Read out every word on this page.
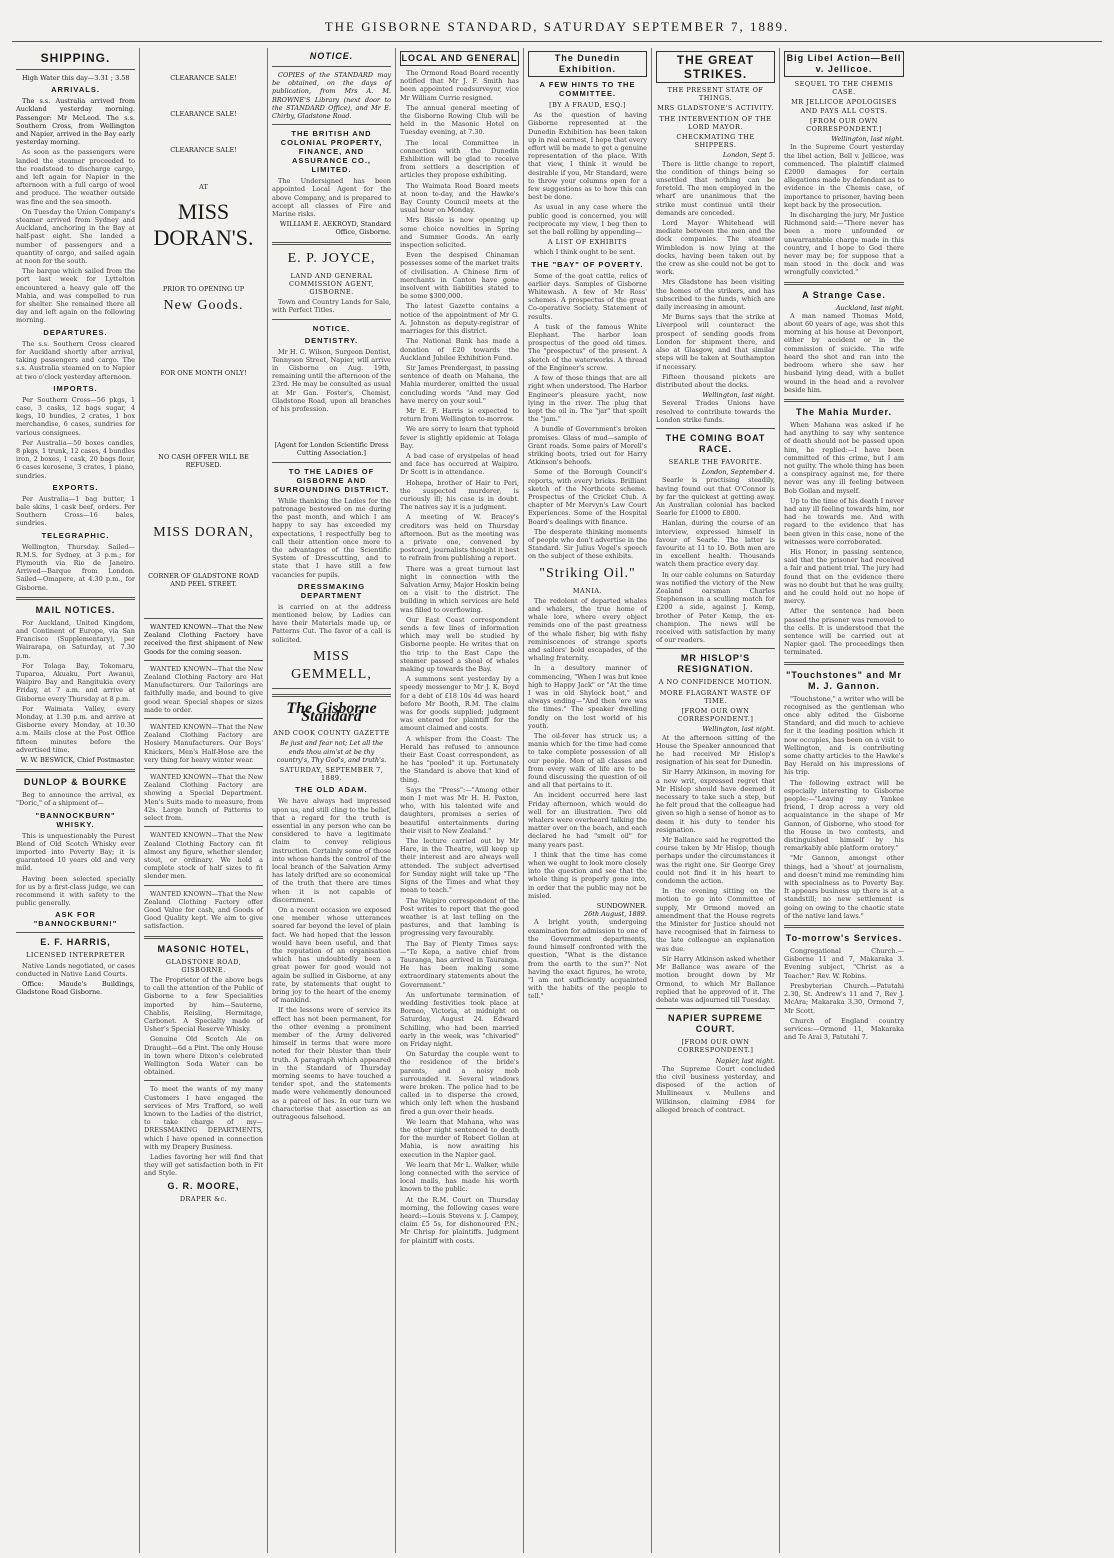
THE GISBORNE STANDARD, SATURDAY SEPTEMBER 7, 1889.
SHIPPING.

High Water this day—3.31 ; 3.58

ARRIVALS.

The s.s. Australia arrived from Auckland yesterday morning. Passenger: Mr McLeod. The s.s. Southern Cross, from Wellington and Napier, arrived in the Bay early yesterday morning.

As soon as the passengers were landed the steamer proceeded to the roadstead to discharge cargo, and left again for Napier in the afternoon with a full cargo of wool and produce. The weather outside was fine and the sea smooth.

On Tuesday the Union Company's steamer arrived from Sydney and Auckland, anchoring in the Bay at half-past eight. She landed a number of passengers and a quantity of cargo, and sailed again at noon for the south.

The barque which sailed from the port last week for Lyttelton encountered a heavy gale off the Mahia, and was compelled to run for shelter. She remained there all day and left again on the following morning.

DEPARTURES.

The s.s. Southern Cross cleared for Auckland shortly after arrival, taking passengers and cargo. The s.s. Australia steamed on to Napier at two o'clock yesterday afternoon.

IMPORTS.

Per Southern Cross—56 pkgs, 1 case, 3 casks, 12 bags sugar, 4 kegs, 10 bundles, 2 crates, 1 box merchandise, 6 cases, sundries for various consignees.

Per Australia—50 boxes candles, 8 pkgs, 1 trunk, 12 cases, 4 bundles iron, 2 boxes, 1 cask, 20 bags flour, 6 cases kerosene, 3 crates, 1 piano, sundries.

EXPORTS.

Per Australia—1 bag butter, 1 bale skins, 1 cask beef, orders. Per Southern Cross—16 bales, sundries.

TELEGRAPHIC.

Wellington, Thursday. Sailed—R.M.S. for Sydney, at 3 p.m.; for Plymouth via Rio de Janeiro. Arrived—Barque from London. Sailed—Omapere, at 4.30 p.m., for Gisborne.

MAIL NOTICES.

For Auckland, United Kingdom, and Continent of Europe, via San Francisco (Supplementary), per Wairarapa, on Saturday, at 7.30 p.m.

For Tolaga Bay, Tokomaru, Tuparoa, Akuaku, Port Awanui, Waipiro Bay and Rangitukia every Friday, at 7 a.m. and arrive at Gisborne every Thursday at 8 p.m.

For Waimata Valley, every Monday, at 1.30 p.m. and arrive at Gisborne every Monday, at 10.30 a.m. Mails close at the Post Office fifteen minutes before the advertised time.

W. W. BESWICK, Chief Postmaster.
DUNLOP & BOURKE

Beg to announce the arrival, ex "Doric," of a shipment of—

"BANNOCKBURN" WHISKY.

This is unquestionably the Purest Blend of Old Scotch Whisky ever imported into Poverty Bay; it is guaranteed 10 years old and very mild.

Having been selected specially for us by a first-class judge, we can recommend it with safety to the public generally.

ASK FOR "BANNOCKBURN!"
E. F. HARRIS,
LICENSED INTERPRETER

Native Lands negotiated, or cases conducted in Native Land Courts.

Office: Maude's Buildings, Gladstone Road Gisborne.

CLEARANCE SALE!
CLEARANCE SALE!
CLEARANCE SALE!
AT
MISS DORAN'S.
PRIOR TO OPENING UP
New Goods.
FOR ONE MONTH ONLY!
NO CASH OFFER WILL BE REFUSED.
MISS DORAN,
CORNER OF GLADSTONE ROAD AND PEEL STREET.

WANTED KNOWN—That the New Zealand Clothing Factory have received the first shipment of New Goods for the coming season.

WANTED KNOWN—That the New Zealand Clothing Factory are Hat Manufacturers. Our Tailorings are faithfully made, and bound to give good wear. Special shapes or sizes made to order.

WANTED KNOWN—That the New Zealand Clothing Factory are Hosiery Manufacturers. Our Boys' Knickers, Men's Half-Hose are the very thing for heavy winter wear.

WANTED KNOWN—That the New Zealand Clothing Factory are showing a Special Department. Men's Suits made to measure, from 42s. Large bunch of Patterns to select from.

WANTED KNOWN—That the New Zealand Clothing Factory can fit almost any figure, whether slender, stout, or ordinary. We hold a complete stock of half sizes to fit slender men.

WANTED KNOWN—That the New Zealand Clothing Factory offer Good Value for cash, and Goods of Good Quality kept. We aim to give satisfaction.

MASONIC HOTEL,
GLADSTONE ROAD, GISBORNE.

The Proprietor of the above begs to call the attention of the Public of Gisborne to a few Specialities imported by him—Sauterne, Chablis, Reisling, Hermitage, Carbonet. A Specialty made of Usher's Special Reserve Whisky.

Genuine Old Scotch Ale on Draught—6d a Pint. The only House in town where Dixon's celebrated Wellington Soda Water can be obtained.

To meet the wants of my many Customers I have engaged the services of Mrs Trafford, so well known to the Ladies of the district, to take charge of my— DRESSMAKING DEPARTMENTS, which I have opened in connection with my Drapery Business.

Ladies favoring her will find that they will get satisfaction both in Fit and Style.

G. R. MOORE,
DRAPER &c.
NOTICE.

COPIES of the STANDARD may be obtained, on the days of publication, from Mrs A. M. BROWNE'S Library (next door to the STANDARD Office), and Mr E. Chirby, Gladstone Road.

THE BRITISH AND COLONIAL PROPERTY, FINANCE, AND ASSURANCE CO., LIMITED.

The Undersigned has been appointed Local Agent for the above Company, and is prepared to accept all classes of Fire and Marine risks.

WILLIAM E. AEKROYD, Standard Office, Gisborne.
E. P. JOYCE,
LAND AND GENERAL COMMISSION AGENT, GISBORNE.

Town and Country Lands for Sale, with Perfect Titles.

NOTICE.
DENTISTRY.

Mr H. C. Wilson, Surgeon Dentist, Tennyson Street, Napier, will arrive in Gisborne on Aug. 19th, remaining until the afternoon of the 23rd. He may be consulted as usual at Mr Gan. Foster's, Chemist, Gladstone Road, upon all branches of his profession.

[Agent for London Scientific Dress Cutting Association.]
TO THE LADIES OF GISBORNE AND SURROUNDING DISTRICT.

While thanking the Ladies for the patronage bestowed on me during the past month, and which I am happy to say has exceeded my expectations, I respectfully beg to call their attention once more to the advantages of the Scientific System of Dresscutting, and to state that I have still a few vacancies for pupils.

DRESSMAKING DEPARTMENT

is carried on at the address mentioned below, by Ladies can have their Materials made up, or Patterns Cut. The favor of a call is solicited.

MISS GEMMELL,
The Gisborne Standard
AND COOK COUNTY GAZETTE
Be just and fear not; Let all the ends thou aim'st at be thy country's, Thy God's, and truth's.
SATURDAY, SEPTEMBER 7, 1889.
THE OLD ADAM.

We have always had impressed upon us, and still cling to the belief, that a regard for the truth is essential in any person who can be considered to have a legitimate claim to convey religious instruction. Certainly some of those into whose hands the control of the local branch of the Salvation Army has lately drifted are so economical of the truth that there are times when it is not capable of discernment.

On a recent occasion we exposed one member whose utterances soared far beyond the level of plain fact. We had hoped that the lesson would have been useful, and that the reputation of an organisation which has undoubtedly been a great power for good would not again be sullied in Gisborne, at any rate, by statements that ought to bring joy to the heart of the enemy of mankind.

If the lessons were of service its effect has not been permanent, for the other evening a prominent member of the Army delivered himself in terms that were more noted for their bluster than their truth. A paragraph which appeared in the Standard of Thursday morning seems to have touched a tender spot, and the statements made were vehemently denounced as a parcel of lies. In our turn we characterise that assertion as an outrageous falsehood.

LOCAL AND GENERAL

The Ormond Road Board recently notified that Mr J. F. Smith has been appointed roadsurveyor, vice Mr William Currie resigned.

The annual general meeting of the Gisborne Rowing Club will be held in the Masonic Hotel on Tuesday evening, at 7.30.

The local Committee in connection with the Dunedin Exhibition will be glad to receive from settlers a description of articles they propose exhibiting.

The Waimata Road Board meets at noon to-day, and the Hawke's Bay County Council meets at the usual hour on Monday.

Mrs Bissle is now opening up some choice novelties in Spring and Summer Goods. An early inspection solicited.

Even the despised Chinaman possesses some of the market traits of civilisation. A Chinese firm of merchants in Canton have gone insolvent with liabilities stated to be some $300,000.

The latest Gazette contains a notice of the appointment of Mr G. A. Johnston as deputy-registrar of marriages for this district.

The National Bank has made a donation of £20 towards the Auckland Jubilee Exhibition Fund.

Sir James Prendergast, in passing sentence of death on Mahana, the Mahia murderer, omitted the usual concluding words "And may God have mercy on your soul."

Mr E. F. Harris is expected to return from Wellington to-morrow.

We are sorry to learn that typhoid fever is slightly epidemic at Tolaga Bay.

A bad case of erysipelas of head and face has occurred at Waipiro. Dr Scott is in attendance.

Hohepa, brother of Hair to Peri, the suspected murderer, is curiously ill; his case is in doubt. The natives say it is a judgment.

A meeting of W. Bracey's creditors was held on Thursday afternoon. But as the meeting was a private one, convened by postcard, journalists thought it best to refrain from publishing a report.

There was a great turnout last night in connection with the Salvation Army, Major Hoskin being on a visit to the district. The building in which services are held was filled to overflowing.

Our East Coast correspondent sends a few lines of information which may well be studied by Gisborne people. He writes that on the trip to the East Cape the steamer passed a shoal of whales making up towards the Bay.

A summons sent yesterday by a speedy messenger to Mr J. K. Boyd for a debt of £18 10s 4d was heard before Mr Booth, R.M. The claim was for goods supplied; judgment was entered for plaintiff for the amount claimed and costs.

A whisper from the Coast: The Herald has refused to announce their East Coast correspondent, as he has "pooled" it up. Fortunately the Standard is above that kind of thing.

Says the "Press":—"Among other men I met was Mr H. H. Paxton, who, with his talented wife and daughters, promises a series of beautiful entertainments during their visit to New Zealand."

The lecture carried out by Mr Hare, in the Theatre, will keep up their interest and are always well attended. The subject advertised for Sunday night will take up "The Signs of the Times and what they mean to teach."

The Waipiro correspondent of the Post writes to report that the good weather is at last telling on the pastures, and that lambing is progressing very favourably.

The Bay of Plenty Times says:—"Te Kepa, a native chief from Tauranga, has arrived in Tauranga. He has been making some extraordinary statements about the Government."

An unfortunate termination of wedding festivities took place at Borneo, Victoria, at midnight on Saturday, August 24. Edward Schilling, who had been married early in the week, was "chivaried" on Friday night.

On Saturday the couple went to the residence of the bride's parents, and a noisy mob surrounded it. Several windows were broken. The police had to be called in to disperse the crowd, which only left when the husband fired a gun over their heads.

We learn that Mahana, who was the other night sentenced to death for the murder of Robert Gollan at Mahia, is now awaiting his execution in the Napier gaol.

We learn that Mr L. Walker, while long connected with the service of local mails, has made his worth known to the public.

At the R.M. Court on Thursday morning, the following cases were heard:—Louis Stevens v. J. Campey, claim £5 5s, for dishonoured P.N.; Mr Chrisp for plaintiffs. Judgment for plaintiff with costs.

The Dunedin Exhibition.
A FEW HINTS TO THE COMMITTEE.
[BY A FRAUD, ESQ.]

As the question of having Gisborne represented at the Dunedin Exhibition has been taken up in real earnest, I hope that every effort will be made to get a genuine representation of the place. With that view, I think it would be desirable if you, Mr Standard, were to throw your columns open for a few suggestions as to how this can best be done.

As usual in any case where the public good is concerned, you will reciprocate my view, I beg then to set the ball rolling by appending—

A LIST OF EXHIBITS

which I think ought to be sent.

THE "BAY" OF POVERTY.

Some of the goat cattle, relics of earlier days. Samples of Gisborne Whitewash. A few of Mr Ross' schemes. A prospectus of the great Co-operative Society. Statement of results.

A tusk of the famous White Elephant. The harbor loan prospectus of the good old times. The "prospectus" of the present. A sketch of the waterworks. A thread of the Engineer's screw.

A few of those things that are all right when understood. The Harbor Engineer's pleasure yacht, now lying in the river. The plug that kept the oil in. The "jar" that spoilt the "jam."

A bundle of Government's broken promises. Glass of mud—sample of Grant roads. Some pairs of Morell's striking boots, tried out for Harry Atkinson's behoofs.

Some of the Borough Council's reports, with every bricks. Brilliant sketch of the Northcote scheme. Prospectus of the Cricket Club. A chapter of Mr Mervyn's Law Court Experiences. Some of the Hospital Board's dealings with finance.

The desperate thinking moments of people who don't advertise in the Standard. Sir Julius Vogel's speech on the subject of these exhibits.

"Striking Oil."
MANIA.

The redolent of departed whales and whalers, the true home of whale lore, where every object reminds one of the past greatness of the whale fisher, big with fishy reminiscences of strange sports and sailors' bold escapades, of the whaling fraternity.

In a desultory manner of commencing, "When I was but knee high to Happy Jack" or "At the time I was in old Shylock boat," and always ending—"And then 'ere was the times." The speaker dwelling fondly on the lost world of his youth.

The oil-fever has struck us; a mania which for the time had come to take complete possession of all our people. Men of all classes and from every walk of life are to be found discussing the question of oil and all that pertains to it.

An incident occurred here last Friday afternoon, which would do well for an illustration. Two old whalers were overheard talking the matter over on the beach, and each declared he had "smelt oil" for many years past.

I think that the time has come when we ought to look more closely into the question and see that the whole thing is properly gone into, in order that the public may not be misled.

SUNDOWNER.
26th August, 1889.

A bright youth, undergoing examination for admission to one of the Government departments, found himself confronted with the question, "What is the distance from the earth to the sun?" Not having the exact figures, he wrote, "I am not sufficiently acquainted with the habits of the people to tell."

THE GREAT STRIKES.
THE PRESENT STATE OF THINGS.
MRS GLADSTONE'S ACTIVITY.
THE INTERVENTION OF THE LORD MAYOR.
CHECKMATING THE SHIPPERS.
London, Sept 5.

There is little change to report, the condition of things being so unsettled that nothing can be foretold. The men employed in the wharf are unanimous that the strike must continue until their demands are conceded.

Lord Mayor Whitehead will mediate between the men and the dock companies. The steamer Wimbledon is now lying at the docks, having been taken out by the crew as she could not be got to work.

Mrs Gladstone has been visiting the homes of the strikers, and has subscribed to the funds, which are daily increasing in amount.

Mr Burns says that the strike at Liverpool will counteract the prospect of sending goods from London for shipment there, and also at Glasgow, and that similar steps will be taken at Southampton if necessary.

Fifteen thousand pickets are distributed about the docks.

Wellington, last night.

Several Trades Unions have resolved to contribute towards the London strike funds.

THE COMING BOAT RACE.
SEARLE THE FAVORITE.
London, September 4.

Searle is practising steadily, having found out that O'Connor is by far the quickest at getting away. An Australian colonial has backed Searle for £1000 to £800.

Hanlan, during the course of an interview, expressed himself in favour of Searle. The latter is favourite at 11 to 10. Both men are in excellent health. Thousands watch them practice every day.

In our cable columns on Saturday was notified the victory of the New Zealand oarsman Charles Stephenson in a sculling match for £200 a side, against J. Kemp, brother of Peter Kemp, the ex-champion. The news will be received with satisfaction by many of our readers.

MR HISLOP'S RESIGNATION.
A NO CONFIDENCE MOTION.
MORE FLAGRANT WASTE OF TIME.
[FROM OUR OWN CORRESPONDENT.]
Wellington, last night.

At the afternoon sitting of the House the Speaker announced that he had received Mr Hislop's resignation of his seat for Dunedin.

Sir Harry Atkinson, in moving for a new writ, expressed regret that Mr Hislop should have deemed it necessary to take such a step, but he felt proud that the colleague had given so high a sense of honor as to deem it his duty to tender his resignation.

Mr Ballance said he regretted the course taken by Mr Hislop, though perhaps under the circumstances it was the right one. Sir George Grey could not find it in his heart to condemn the action.

In the evening sitting on the motion to go into Committee of supply, Mr Ormond moved an amendment that the House regrets the Minister for Justice should not have recognised that in fairness to the late colleague an explanation was due.

Sir Harry Atkinson asked whether Mr Ballance was aware of the motion brought down by Mr Ormond, to which Mr Ballance replied that he approved of it. The debate was adjourned till Tuesday.

NAPIER SUPREME COURT.
[FROM OUR OWN CORRESPONDENT.]
Napier, last night.

The Supreme Court concluded the civil business yesterday, and disposed of the action of Mullineaux v. Mullens and Wilkinson, claiming £984 for alleged breach of contract.

Big Libel Action—Bell v. Jellicoe.
SEQUEL TO THE CHEMIS CASE.
MR JELLICOE APOLOGISES AND PAYS ALL COSTS.
[FROM OUR OWN CORRESPONDENT.]
Wellington, last night.

In the Supreme Court yesterday the libel action, Bell v. Jellicoe, was commenced. The plaintiff claimed £2000 damages for certain allegations made by defendant as to evidence in the Chemis case, of importance to prisoner, having been kept back by the prosecution.

In discharging the jury, Mr Justice Richmond said:—"There never has been a more unfounded or unwarrantable charge made in this country, and I hope to God there never may be; for suppose that a man stood in the dock and was wrongfully convicted."

A Strange Case.
Auckland, last night.

A man named Thomas Mold, about 60 years of age, was shot this morning at his house at Devonport, either by accident or in the commission of suicide. The wife heard the shot and ran into the bedroom where she saw her husband lying dead, with a bullet wound in the head and a revolver beside him.

The Mahia Murder.

When Mahana was asked if he had anything to say why sentence of death should not be passed upon him, he replied:—I have been committed of this crime, but I am not guilty. The whole thing has been a conspiracy against me, for there never was any ill feeling between Bob Gollan and myself.

Up to the time of his death I never had any ill feeling towards him, nor had he towards me. And with regard to the evidence that has been given in this case, none of the witnesses were corroborated.

His Honor, in passing sentence, said that the prisoner had received a fair and patient trial. The jury had found that on the evidence there was no doubt but that he was guilty, and he could hold out no hope of mercy.

After the sentence had been passed the prisoner was removed to the cells. It is understood that the sentence will be carried out at Napier gaol. The proceedings then terminated.

"Touchstones" and Mr M. J. Gannon.

"Touchstone," a writer who will be recognised as the gentleman who once ably edited the Gisborne Standard, and did much to achieve for it the leading position which it now occupies, has been on a visit to Wellington, and is contributing some chatty articles to the Hawke's Bay Herald on his impressions of his trip.

The following extract will be especially interesting to Gisborne people:—"Leaving my Yankee friend, I drop across a very old acquaintance in the shape of Mr Gannon, of Gisborne, who stood for the House in two contests, and distinguished himself by his remarkably able platform oratory."

"Mr Gannon, amongst other things, had a 'shout' at journalism, and doesn't mind me reminding him with specialness as to Poverty Bay. It appears business up there is at a standstill; no new settlement is going on owing to the chaotic state of the native land laws."

To-morrow's Services.

Congregational Church.—Gisborne 11 and 7, Makaraka 3. Evening subject, "Christ as a Teacher." Rev. W. Robins.

Presbyterian Church.—Patutahi 2.30, St. Andrew's 11 and 7, Rev J. McAra; Makaraka 3.30, Ormond 7, Mr Scott.

Church of England country services:—Ormond 11, Makaraka and Te Arai 3, Patutahi 7.
